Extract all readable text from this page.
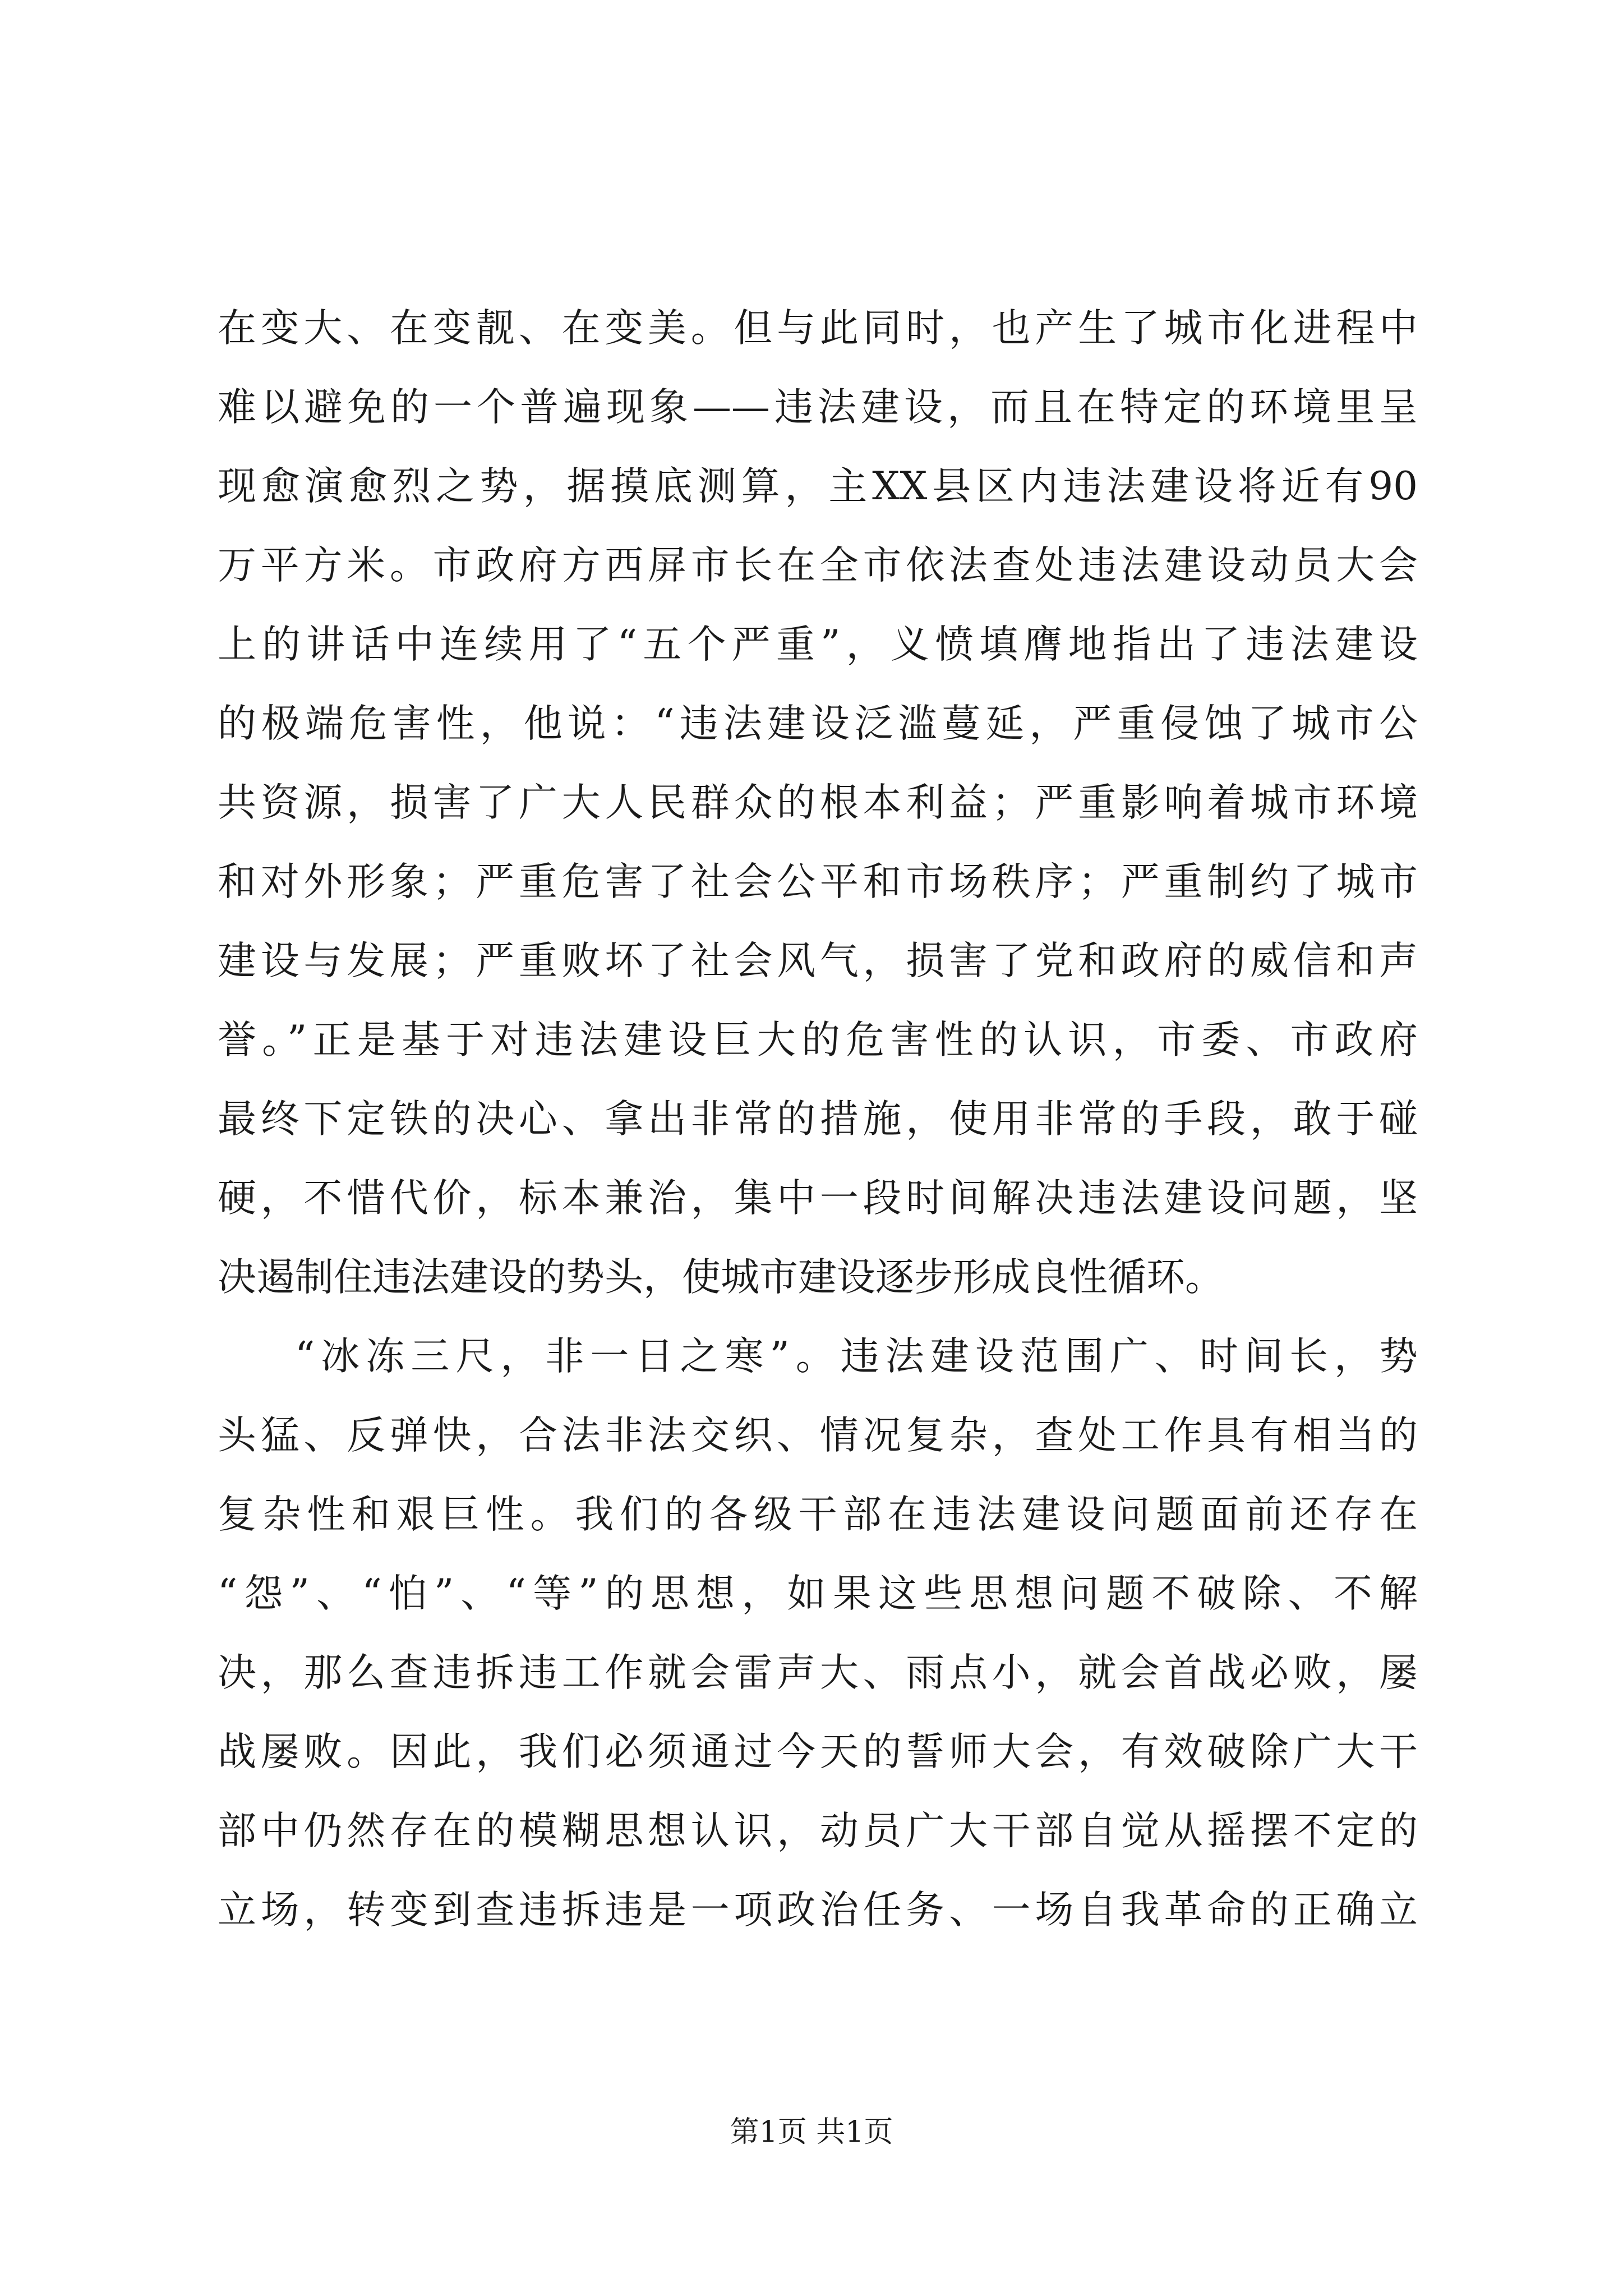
在变大、在变靓、在变美。但与此同时，也产生了城市化进程中
难以避免的一个普遍现象——违法建设，而且在特定的环境里呈
现愈演愈烈之势，据摸底测算，主XX县区内违法建设将近有90
万平方米。市政府方西屏市长在全市依法查处违法建设动员大会
上的讲话中连续用了“五个严重”，义愤填膺地指出了违法建设
的极端危害性，他说：“违法建设泛滥蔓延，严重侵蚀了城市公
共资源，损害了广大人民群众的根本利益；严重影响着城市环境
和对外形象；严重危害了社会公平和市场秩序；严重制约了城市
建设与发展；严重败坏了社会风气，损害了党和政府的威信和声
誉。”正是基于对违法建设巨大的危害性的认识，市委、市政府
最终下定铁的决心、拿出非常的措施，使用非常的手段，敢于碰
硬，不惜代价，标本兼治，集中一段时间解决违法建设问题，坚
决遏制住违法建设的势头，使城市建设逐步形成良性循环。
“冰冻三尺，非一日之寒”。违法建设范围广、时间长，势
头猛、反弹快，合法非法交织、情况复杂，查处工作具有相当的
复杂性和艰巨性。我们的各级干部在违法建设问题面前还存在
“怨”、“怕”、“等”的思想，如果这些思想问题不破除、不解
决，那么查违拆违工作就会雷声大、雨点小，就会首战必败，屡
战屡败。因此，我们必须通过今天的誓师大会，有效破除广大干
部中仍然存在的模糊思想认识，动员广大干部自觉从摇摆不定的
立场，转变到查违拆违是一项政治任务、一场自我革命的正确立
第1页 共1页
